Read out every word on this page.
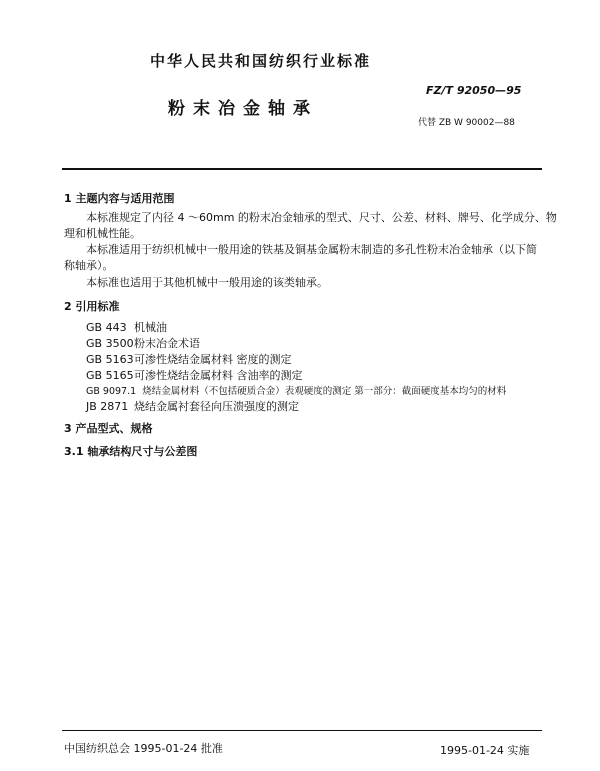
中华人民共和国纺织行业标准
FZ/T 92050—95
粉末冶金轴承
代替 ZB W 90002—88
1 主题内容与适用范围
本标准规定了内径 4 ～60mm 的粉末冶金轴承的型式、尺寸、公差、材料、牌号、化学成分、物
理和机械性能。
本标准适用于纺织机械中一般用途的铁基及铜基金属粉末制造的多孔性粉末冶金轴承（以下简
称轴承）。
本标准也适用于其他机械中一般用途的该类轴承。
2 引用标准
GB 443 机械油
GB 3500粉末冶金术语
GB 5163可渗性烧结金属材料 密度的测定
GB 5165可渗性烧结金属材料 含油率的测定
GB 9097.1 烧结金属材料（不包括硬质合金）表观硬度的测定 第一部分：截面硬度基本均匀的材料
JB 2871 烧结金属衬套径向压溃强度的测定
3 产品型式、规格
3.1 轴承结构尺寸与公差图
中国纺织总会 1995-01-24 批准	1995-01-24 实施
